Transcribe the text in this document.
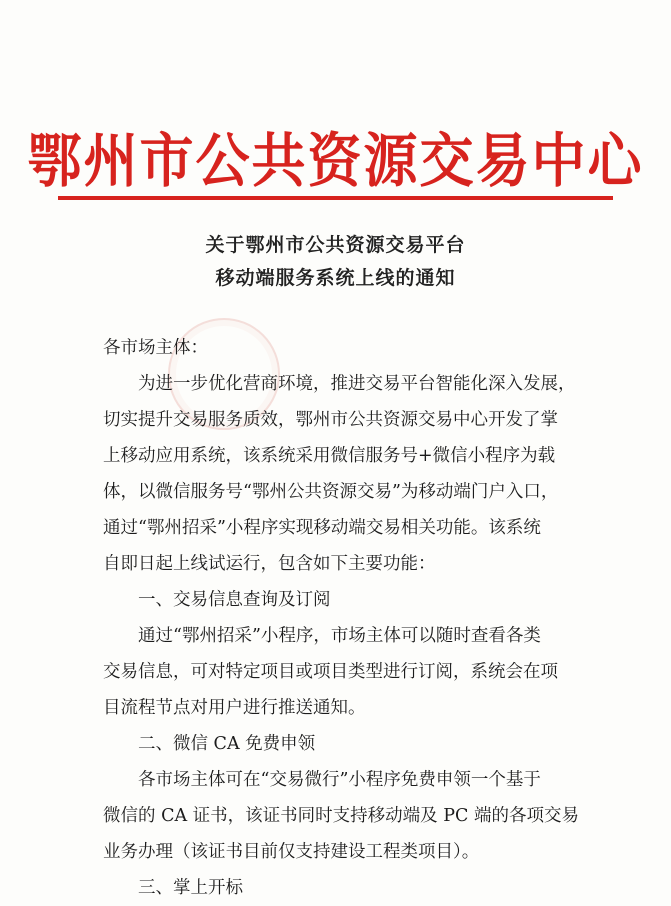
鄂州市公共资源交易中心
关于鄂州市公共资源交易平台
移动端服务系统上线的通知
各市场主体：
为进一步优化营商环境，推进交易平台智能化深入发展，
切实提升交易服务质效，鄂州市公共资源交易中心开发了掌
上移动应用系统，该系统采用微信服务号+微信小程序为载
体，以微信服务号“鄂州公共资源交易”为移动端门户入口，
通过“鄂州招采”小程序实现移动端交易相关功能。该系统
自即日起上线试运行，包含如下主要功能：
一、交易信息查询及订阅
通过“鄂州招采”小程序，市场主体可以随时查看各类
交易信息，可对特定项目或项目类型进行订阅，系统会在项
目流程节点对用户进行推送通知。
二、微信 CA 免费申领
各市场主体可在“交易微行”小程序免费申领一个基于
微信的 CA 证书，该证书同时支持移动端及 PC 端的各项交易
业务办理（该证书目前仅支持建设工程类项目）。
三、掌上开标
